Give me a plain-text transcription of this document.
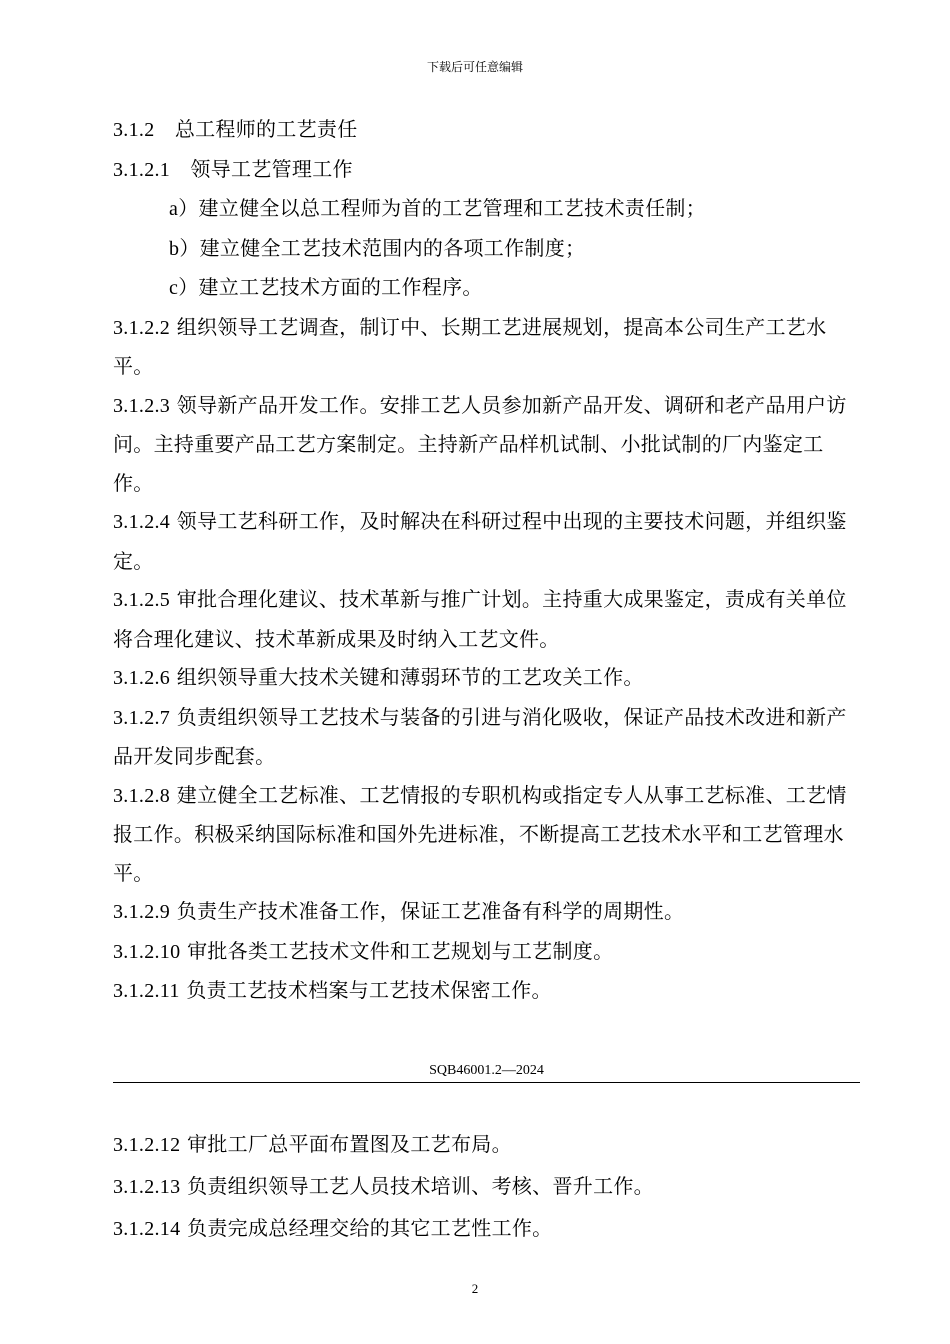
下载后可任意编辑

3.1.2　 总工程师的工艺责任

3.1.2.1　 领导工艺管理工作

a）建立健全以总工程师为首的工艺管理和工艺技术责任制；

b）建立健全工艺技术范围内的各项工作制度；

c）建立工艺技术方面的工作程序。

3.1.2.2 组织领导工艺调查，制订中、长期工艺进展规划，提高本公司生产工艺水平。

3.1.2.3 领导新产品开发工作。安排工艺人员参加新产品开发、调研和老产品用户访问。主持重要产品工艺方案制定。主持新产品样机试制、小批试制的厂内鉴定工作。

3.1.2.4 领导工艺科研工作，及时解决在科研过程中出现的主要技术问题，并组织鉴定。

3.1.2.5 审批合理化建议、技术革新与推广计划。主持重大成果鉴定，责成有关单位将合理化建议、技术革新成果及时纳入工艺文件。

3.1.2.6 组织领导重大技术关键和薄弱环节的工艺攻关工作。

3.1.2.7 负责组织领导工艺技术与装备的引进与消化吸收，保证产品技术改进和新产品开发同步配套。

3.1.2.8 建立健全工艺标准、工艺情报的专职机构或指定专人从事工艺标准、工艺情报工作。积极采纳国际标准和国外先进标准，不断提高工艺技术水平和工艺管理水平。

3.1.2.9 负责生产技术准备工作，保证工艺准备有科学的周期性。

3.1.2.10 审批各类工艺技术文件和工艺规划与工艺制度。

3.1.2.11 负责工艺技术档案与工艺技术保密工作。

SQB46001.2—2024

3.1.2.12 审批工厂总平面布置图及工艺布局。

3.1.2.13 负责组织领导工艺人员技术培训、考核、晋升工作。

3.1.2.14 负责完成总经理交给的其它工艺性工作。

2
